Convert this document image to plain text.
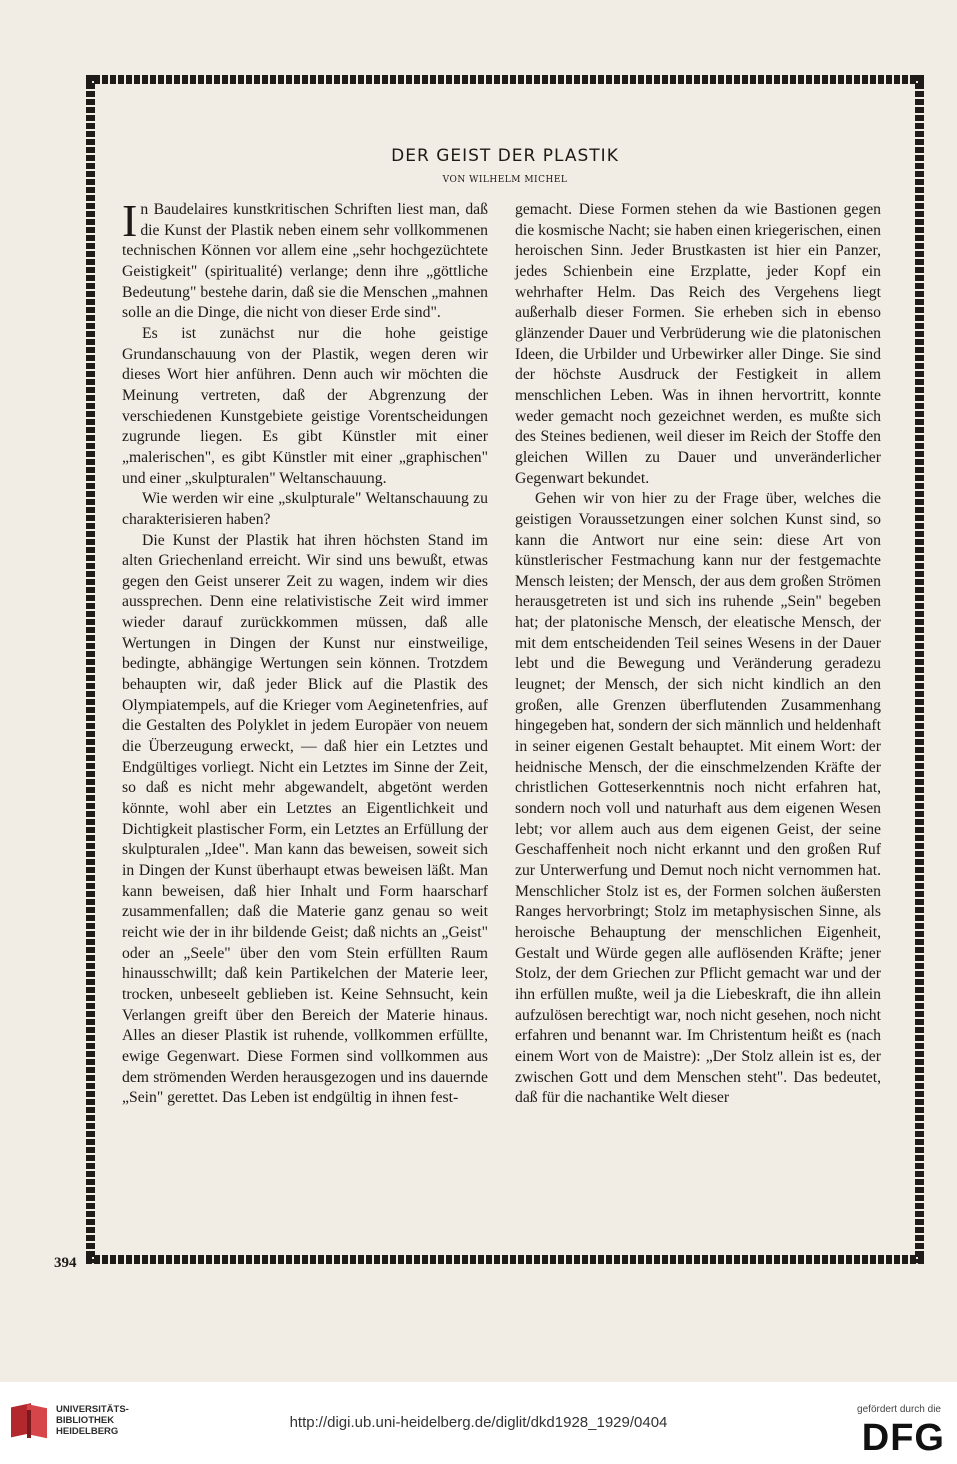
DER GEIST DER PLASTIK
VON WILHELM MICHEL

In Baudelaires kunstkritischen Schriften liest man, daß die Kunst der Plastik neben einem sehr vollkommenen technischen Können vor allem eine „sehr hochgezüchtete Geistigkeit" (spiritualité) verlange; denn ihre „göttliche Bedeutung" bestehe darin, daß sie die Menschen „mahnen solle an die Dinge, die nicht von dieser Erde sind".

Es ist zunächst nur die hohe geistige Grundanschauung von der Plastik, wegen deren wir dieses Wort hier anführen. Denn auch wir möchten die Meinung vertreten, daß der Abgrenzung der verschiedenen Kunstgebiete geistige Vorentscheidungen zugrunde liegen. Es gibt Künstler mit einer „malerischen", es gibt Künstler mit einer „graphischen" und einer „skulpturalen" Weltanschauung.

Wie werden wir eine „skulpturale" Weltanschauung zu charakterisieren haben?

Die Kunst der Plastik hat ihren höchsten Stand im alten Griechenland erreicht. Wir sind uns bewußt, etwas gegen den Geist unserer Zeit zu wagen, indem wir dies aussprechen. Denn eine relativistische Zeit wird immer wieder darauf zurückkommen müssen, daß alle Wertungen in Dingen der Kunst nur einstweilige, bedingte, abhängige Wertungen sein können. Trotzdem behaupten wir, daß jeder Blick auf die Plastik des Olympiatempels, auf die Krieger vom Aeginetenfries, auf die Gestalten des Polyklet in jedem Europäer von neuem die Überzeugung erweckt, — daß hier ein Letztes und Endgültiges vorliegt. Nicht ein Letztes im Sinne der Zeit, so daß es nicht mehr abgewandelt, abgetönt werden könnte, wohl aber ein Letztes an Eigentlichkeit und Dichtigkeit plastischer Form, ein Letztes an Erfüllung der skulpturalen „Idee". Man kann das beweisen, soweit sich in Dingen der Kunst überhaupt etwas beweisen läßt. Man kann beweisen, daß hier Inhalt und Form haarscharf zusammenfallen; daß die Materie ganz genau so weit reicht wie der in ihr bildende Geist; daß nichts an „Geist" oder an „Seele" über den vom Stein erfüllten Raum hinausschwillt; daß kein Partikelchen der Materie leer, trocken, unbeseelt geblieben ist. Keine Sehnsucht, kein Verlangen greift über den Bereich der Materie hinaus. Alles an dieser Plastik ist ruhende, vollkommen erfüllte, ewige Gegenwart. Diese Formen sind vollkommen aus dem strömenden Werden herausgezogen und ins dauernde „Sein" gerettet. Das Leben ist endgültig in ihnen fest-

gemacht. Diese Formen stehen da wie Bastionen gegen die kosmische Nacht; sie haben einen kriegerischen, einen heroischen Sinn. Jeder Brustkasten ist hier ein Panzer, jedes Schienbein eine Erzplatte, jeder Kopf ein wehrhafter Helm. Das Reich des Vergehens liegt außerhalb dieser Formen. Sie erheben sich in ebenso glänzender Dauer und Verbrüderung wie die platonischen Ideen, die Urbilder und Urbewirker aller Dinge. Sie sind der höchste Ausdruck der Festigkeit in allem menschlichen Leben. Was in ihnen hervortritt, konnte weder gemacht noch gezeichnet werden, es mußte sich des Steines bedienen, weil dieser im Reich der Stoffe den gleichen Willen zu Dauer und unveränderlicher Gegenwart bekundet.

Gehen wir von hier zu der Frage über, welches die geistigen Voraussetzungen einer solchen Kunst sind, so kann die Antwort nur eine sein: diese Art von künstlerischer Festmachung kann nur der festgemachte Mensch leisten; der Mensch, der aus dem großen Strömen herausgetreten ist und sich ins ruhende „Sein" begeben hat; der platonische Mensch, der eleatische Mensch, der mit dem entscheidenden Teil seines Wesens in der Dauer lebt und die Bewegung und Veränderung geradezu leugnet; der Mensch, der sich nicht kindlich an den großen, alle Grenzen überflutenden Zusammenhang hingegeben hat, sondern der sich männlich und heldenhaft in seiner eigenen Gestalt behauptet. Mit einem Wort: der heidnische Mensch, der die einschmelzenden Kräfte der christlichen Gotteserkenntnis noch nicht erfahren hat, sondern noch voll und naturhaft aus dem eigenen Wesen lebt; vor allem auch aus dem eigenen Geist, der seine Geschaffenheit noch nicht erkannt und den großen Ruf zur Unterwerfung und Demut noch nicht vernommen hat. Menschlicher Stolz ist es, der Formen solchen äußersten Ranges hervorbringt; Stolz im metaphysischen Sinne, als heroische Behauptung der menschlichen Eigenheit, Gestalt und Würde gegen alle auflösenden Kräfte; jener Stolz, der dem Griechen zur Pflicht gemacht war und der ihn erfüllen mußte, weil ja die Liebeskraft, die ihn allein aufzulösen berechtigt war, noch nicht gesehen, noch nicht erfahren und benannt war. Im Christentum heißt es (nach einem Wort von de Maistre): „Der Stolz allein ist es, der zwischen Gott und dem Menschen steht". Das bedeutet, daß für die nachantike Welt dieser

394
UNIVERSITÄTS-
BIBLIOTHEK
HEIDELBERG
http://digi.ub.uni-heidelberg.de/diglit/dkd1928_1929/0404
gefördert durch die
DFG
